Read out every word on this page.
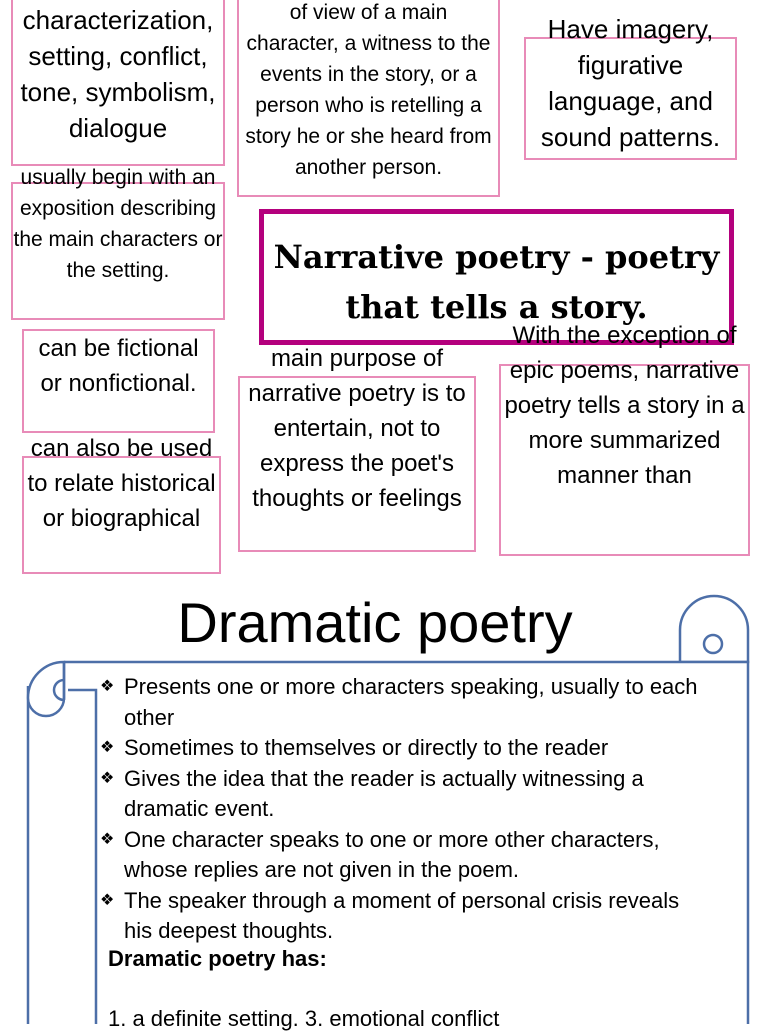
characterization, setting, conflict, tone, symbolism, dialogue
of view of a main character, a witness to the events in the story, or a person who is retelling a story he or she heard from another person.
Have imagery, figurative language, and sound patterns.
usually begin with an exposition describing the main characters or the setting.	Narrative poetry - poetry that tells a story.
can be fictional or nonfictional.
can also be used to relate historical or biographical
main purpose of narrative poetry is to entertain, not to express the poet's thoughts or feelings
With the exception of epic poems, narrative poetry tells a story in a more summarized manner than
Dramatic poetry
❖ Presents one or more characters speaking, usually to each other
❖ Sometimes to themselves or directly to the reader
❖ Gives the idea that the reader is actually witnessing a dramatic event.
❖ One character speaks to one or more other characters, whose replies are not given in the poem.
❖ The speaker through a moment of personal crisis reveals his deepest thoughts.
Dramatic poetry has:
1. a definite setting. 3. emotional conflict
